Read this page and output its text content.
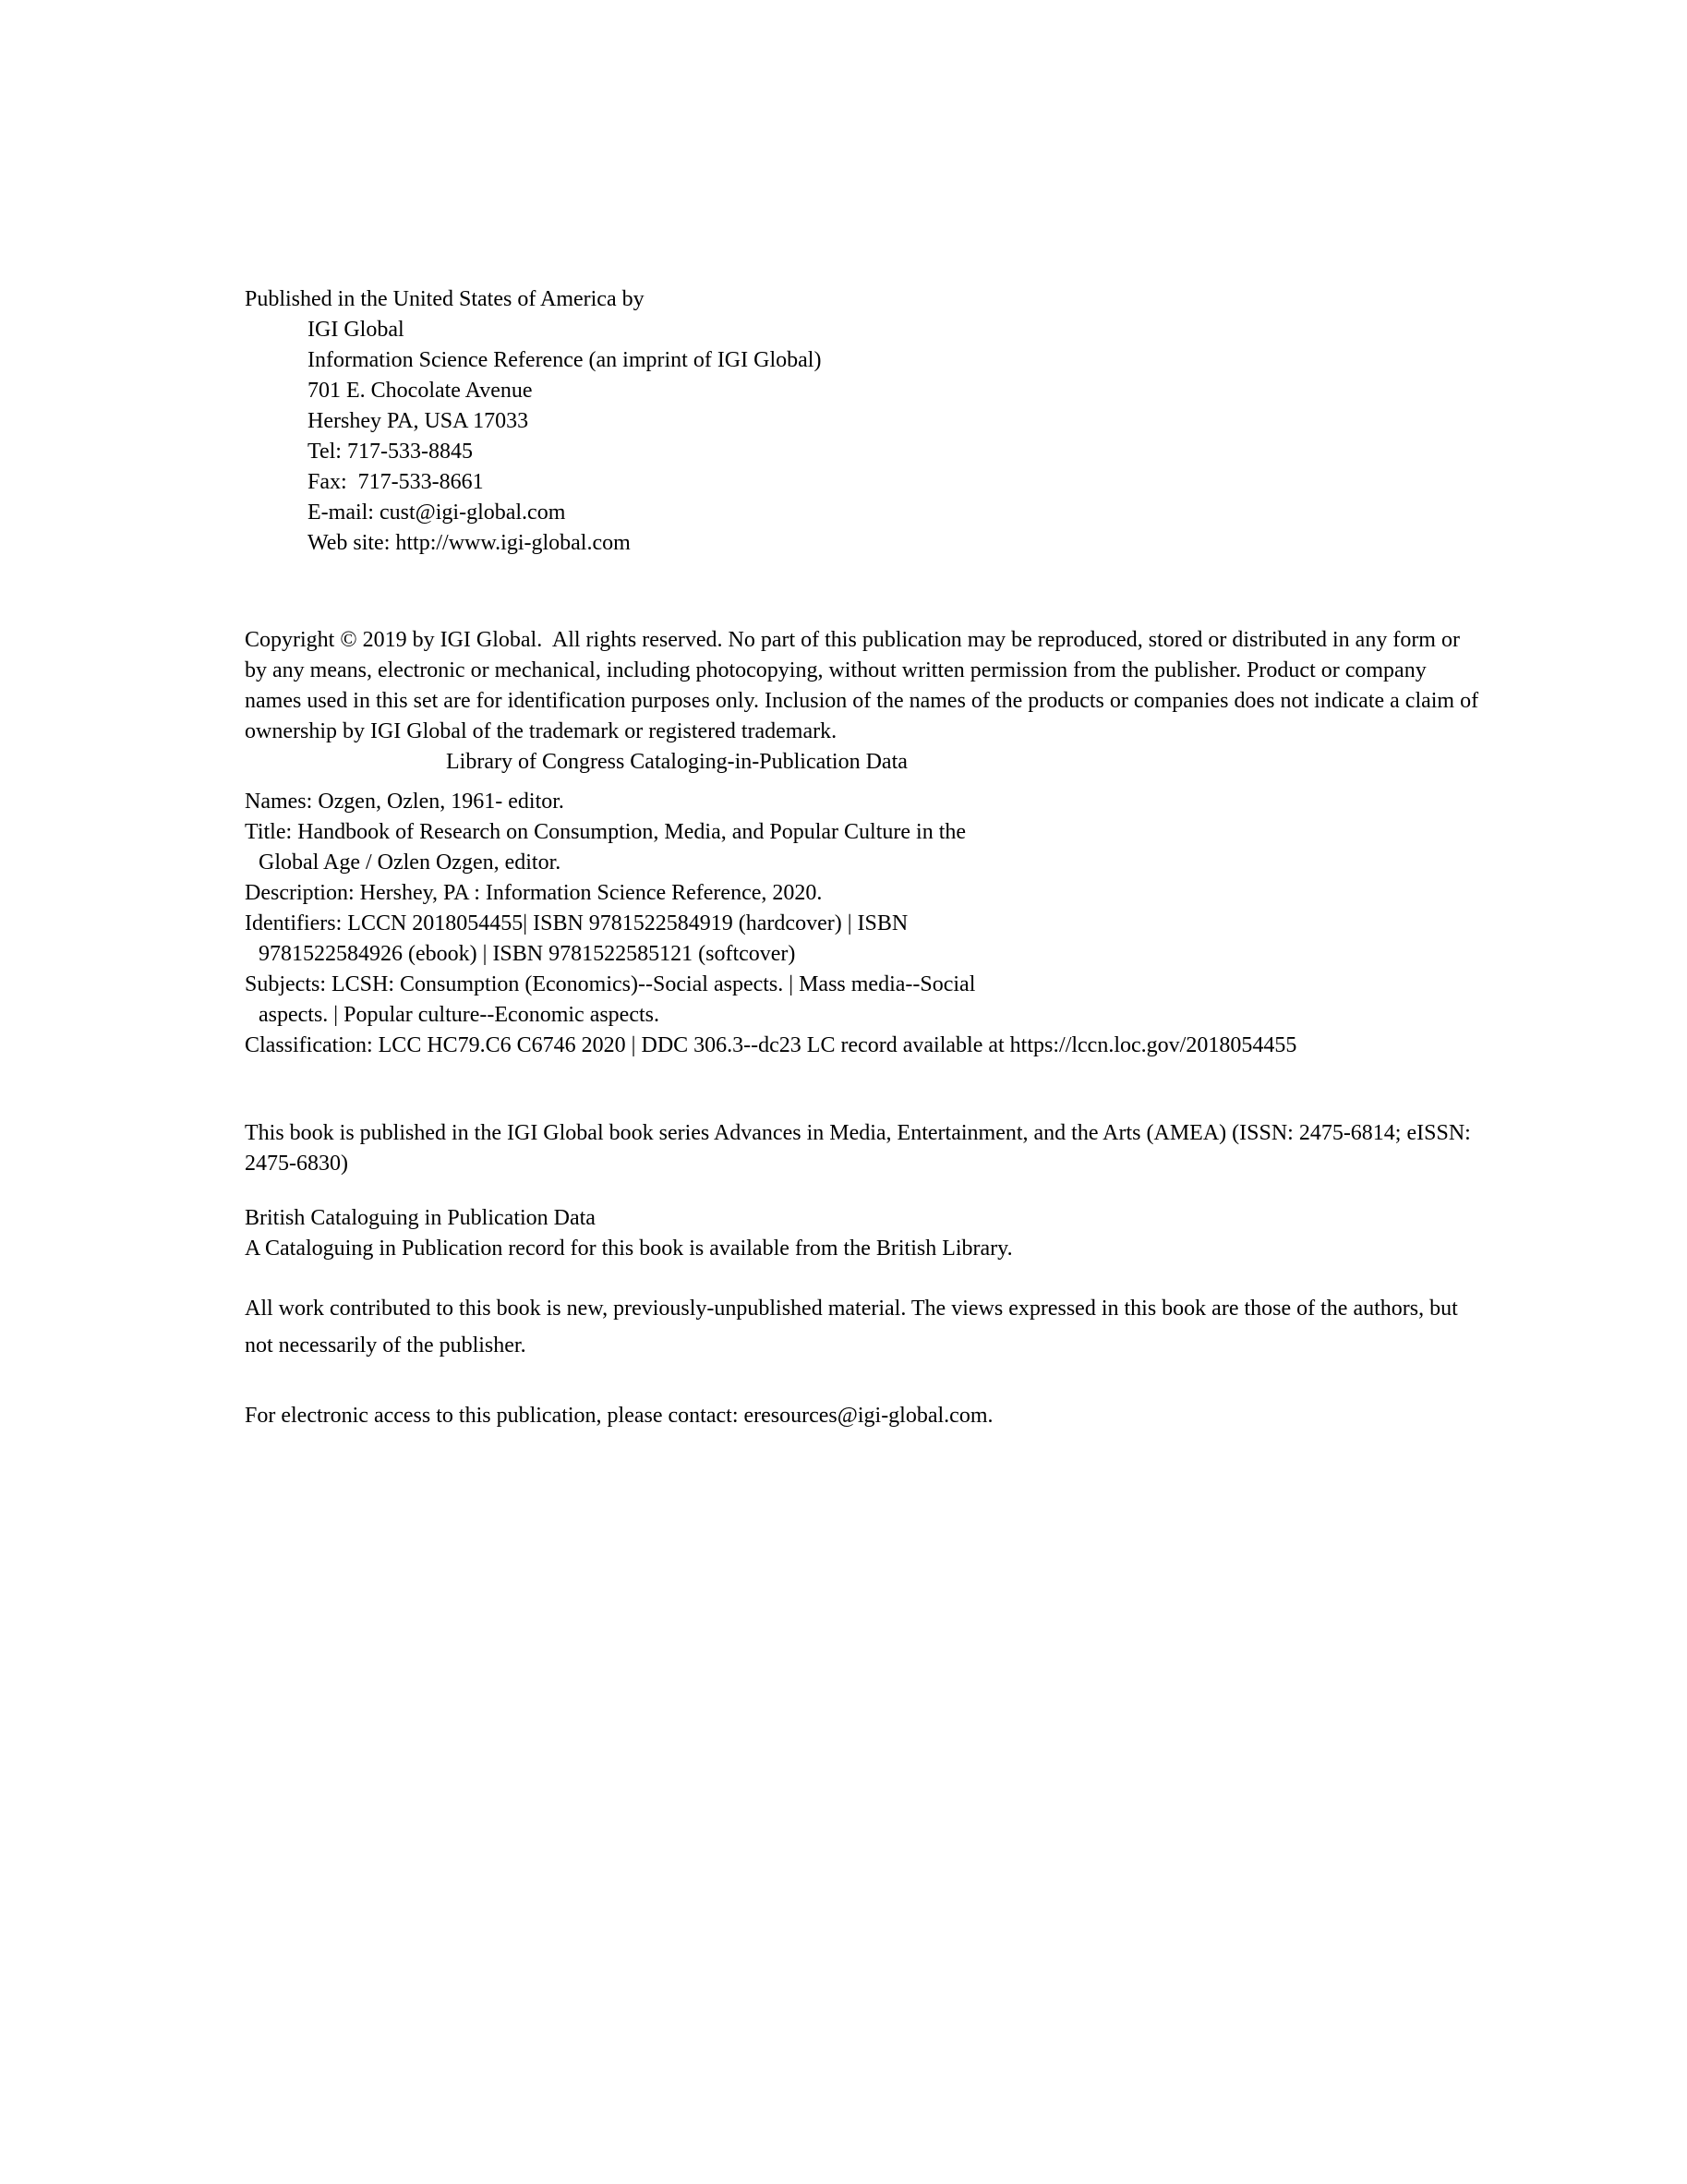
Published in the United States of America by
IGI Global
Information Science Reference (an imprint of IGI Global)
701 E. Chocolate Avenue
Hershey PA, USA 17033
Tel: 717-533-8845
Fax:  717-533-8661
E-mail: cust@igi-global.com
Web site: http://www.igi-global.com
Copyright © 2019 by IGI Global.  All rights reserved. No part of this publication may be reproduced, stored or distributed in any form or by any means, electronic or mechanical, including photocopying, without written permission from the publisher. Product or company names used in this set are for identification purposes only. Inclusion of the names of the products or companies does not indicate a claim of ownership by IGI Global of the trademark or registered trademark.
Library of Congress Cataloging-in-Publication Data
Names: Ozgen, Ozlen, 1961- editor.
Title: Handbook of Research on Consumption, Media, and Popular Culture in the
Global Age / Ozlen Ozgen, editor.
Description: Hershey, PA : Information Science Reference, 2020.
Identifiers: LCCN 2018054455| ISBN 9781522584919 (hardcover) | ISBN
9781522584926 (ebook) | ISBN 9781522585121 (softcover)
Subjects: LCSH: Consumption (Economics)--Social aspects. | Mass media--Social
aspects. | Popular culture--Economic aspects.
Classification: LCC HC79.C6 C6746 2020 | DDC 306.3--dc23 LC record available at https://lccn.loc.gov/2018054455
This book is published in the IGI Global book series Advances in Media, Entertainment, and the Arts (AMEA) (ISSN: 2475-6814; eISSN: 2475-6830)
British Cataloguing in Publication Data
A Cataloguing in Publication record for this book is available from the British Library.
All work contributed to this book is new, previously-unpublished material. The views expressed in this book are those of the authors, but not necessarily of the publisher.
For electronic access to this publication, please contact: eresources@igi-global.com.
